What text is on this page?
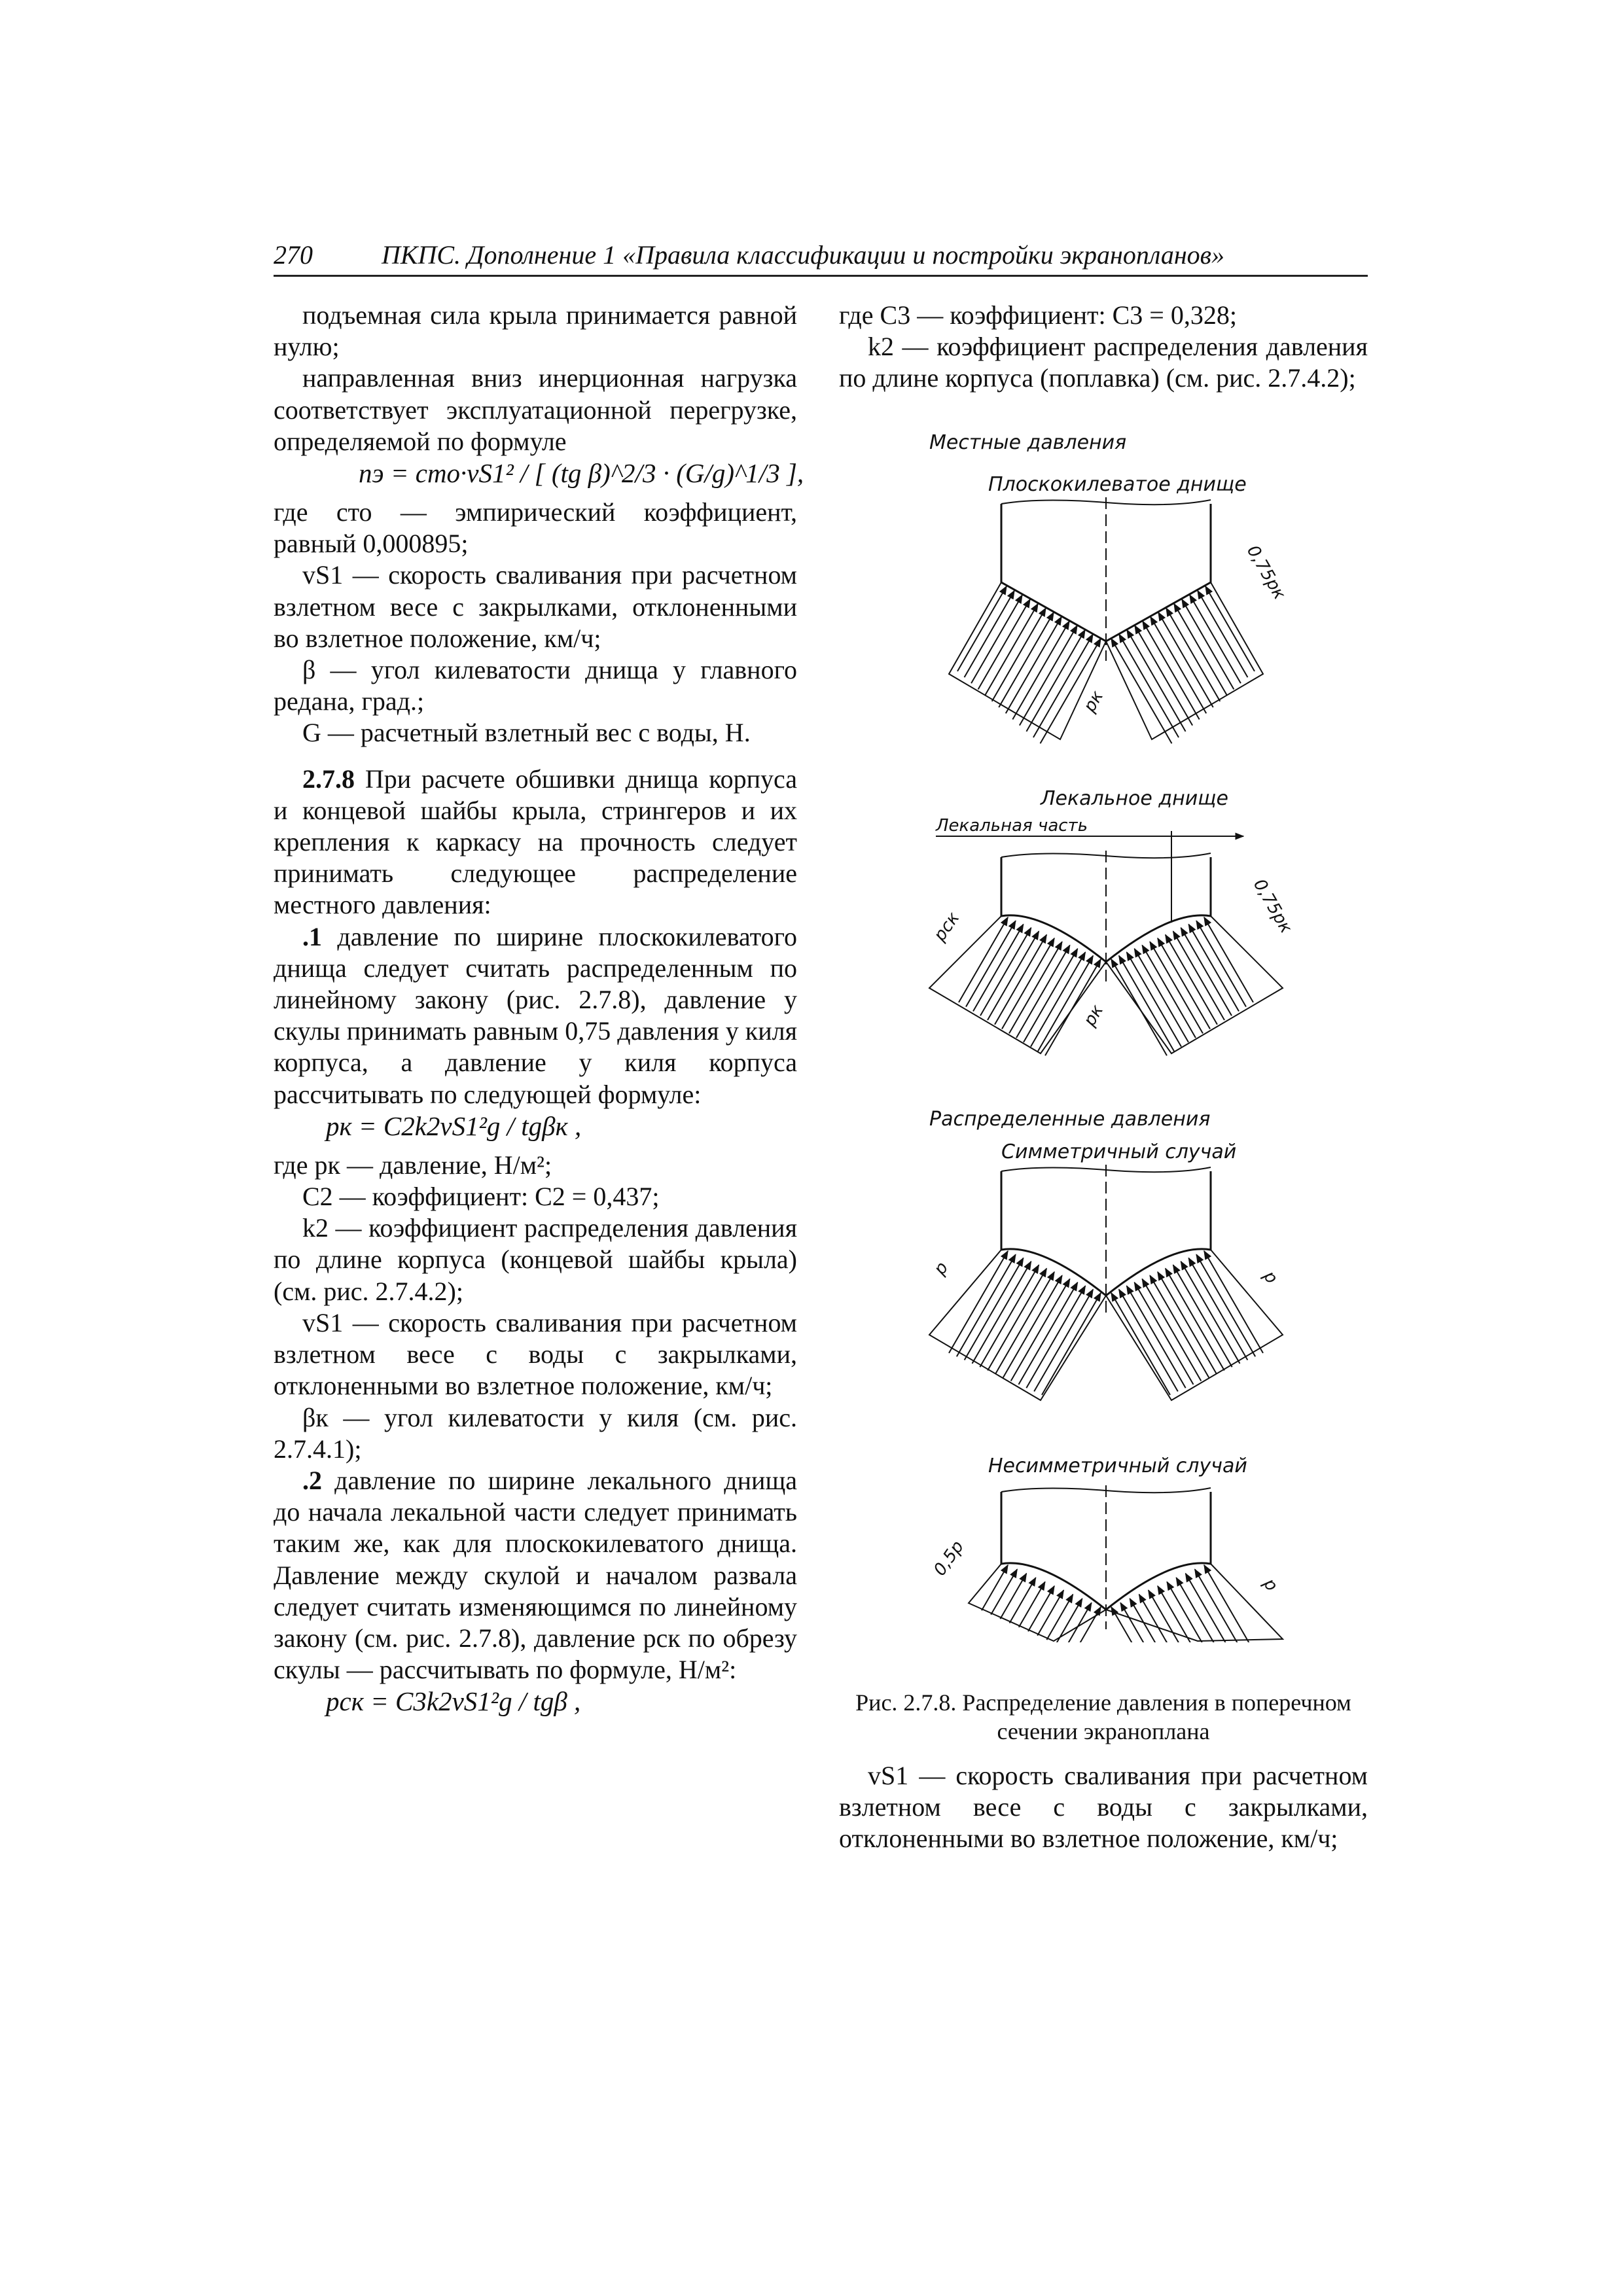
270	ПКПС. Дополнение 1 «Правила классификации и постройки экранопланов»

подъемная сила крыла принимается равной нулю;

направленная вниз инерционная нагрузка соответствует эксплуатационной перегрузке, определяемой по формуле

nэ = cто·vS1² / [ (tg β)^2/3 · (G/g)^1/3 ],

где cто — эмпирический коэффициент, равный 0,000895;

vS1 — скорость сваливания при расчетном взлетном весе с закрылками, отклоненными во взлетное положение, км/ч;

β — угол килеватости днища у главного редана, град.;

G — расчетный взлетный вес с воды, Н.

2.7.8 При расчете обшивки днища корпуса и концевой шайбы крыла, стрингеров и их крепления к каркасу на прочность следует принимать следующее распределение местного давления:

.1 давление по ширине плоскокилеватого днища следует считать распределенным по линейному закону (рис. 2.7.8), давление у скулы принимать равным 0,75 давления у киля корпуса, а давление у киля корпуса рассчитывать по следующей формуле:

pк = C2k2vS1²g / tgβк ,

где pк — давление, Н/м²;

C2 — коэффициент: C2 = 0,437;

k2 — коэффициент распределения давления по длине корпуса (концевой шайбы крыла) (см. рис. 2.7.4.2);

vS1 — скорость сваливания при расчетном взлетном весе с воды с закрылками, отклоненными во взлетное положение, км/ч;

βк — угол килеватости у киля (см. рис. 2.7.4.1);

.2 давление по ширине лекального днища до начала лекальной части следует принимать таким же, как для плоскокилеватого днища. Давление между скулой и началом развала следует считать изменяющимся по линейному закону (см. рис. 2.7.8), давление pск по обрезу скулы — рассчитывать по формуле, Н/м²:

pск = C3k2vS1²g / tgβ ,

где C3 — коэффициент: C3 = 0,328;

k2 — коэффициент распределения давления по длине корпуса (поплавка) (см. рис. 2.7.4.2);

Местные давления
Плоскокилеватое днище
0,75pк
pк
Лекальное днище
Лекальная часть
0,75pк
pск
pк
Распределенные давления
Симметричный случай
p	p
Несимметричный случай
0,5p
p
Рис. 2.7.8. Распределение давления в поперечном сечении экраноплана

vS1 — скорость сваливания при расчетном взлетном весе с воды с закрылками, отклоненными во взлетное положение, км/ч;
